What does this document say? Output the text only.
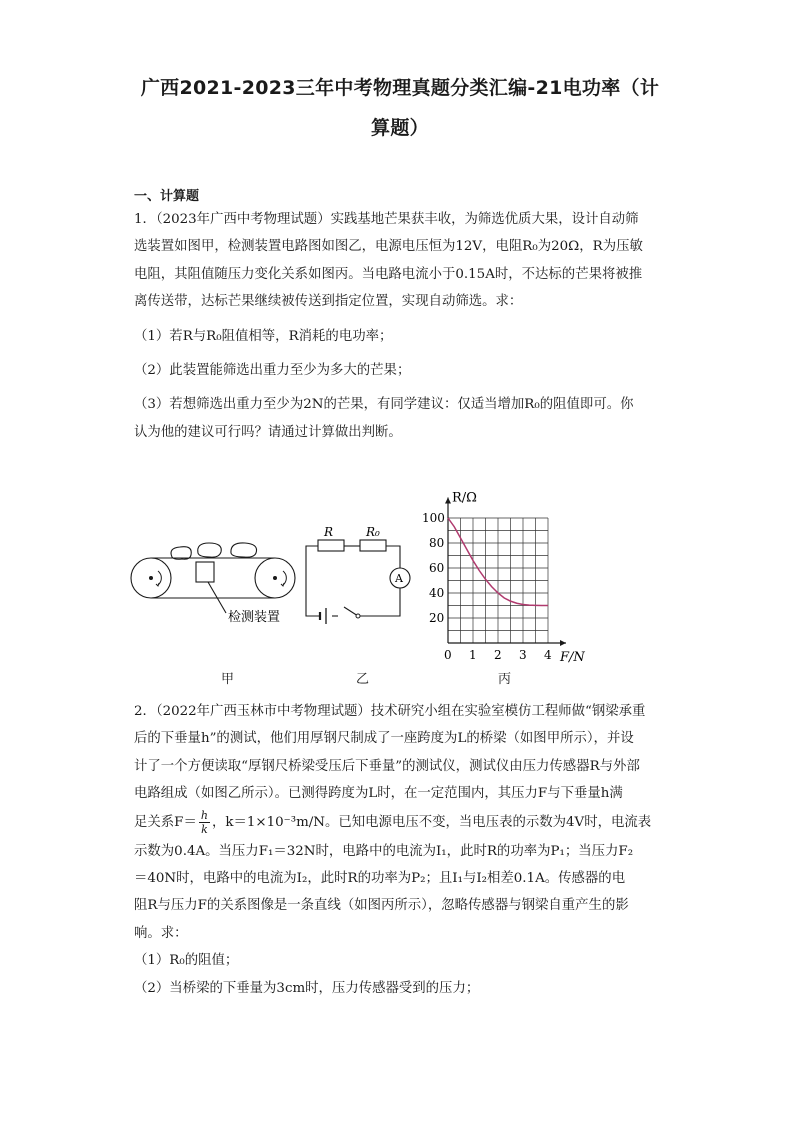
广西2021-2023三年中考物理真题分类汇编-21电功率（计
算题）
一、计算题
1．（2023年广西中考物理试题）实践基地芒果获丰收，为筛选优质大果，设计自动筛
选装置如图甲，检测装置电路图如图乙，电源电压恒为12V，电阻R₀为20Ω，R为压敏
电阻，其阻值随压力变化关系如图丙。当电路电流小于0.15A时，不达标的芒果将被推
离传送带，达标芒果继续被传送到指定位置，实现自动筛选。求：
（1）若R与R₀阻值相等，R消耗的电功率；
（2）此装置能筛选出重力至少为多大的芒果；
（3）若想筛选出重力至少为2N的芒果，有同学建议：仅适当增加R₀的阻值即可。你
认为他的建议可行吗？请通过计算做出判断。
检测装置
R	R₀
A
0 1 2 3 4
20
40
60
80
100
R/Ω
F/N
甲	乙	丙
2．（2022年广西玉林市中考物理试题）技术研究小组在实验室模仿工程师做“钢梁承重
后的下垂量h”的测试，他们用厚钢尺制成了一座跨度为L的桥梁（如图甲所示），并设
计了一个方便读取“厚钢尺桥梁受压后下垂量”的测试仪，测试仪由压力传感器R与外部
电路组成（如图乙所示）。已测得跨度为L时，在一定范围内，其压力F与下垂量h满
足关系$F= \frac{h}{k}$ ，k＝1×10⁻³m/N。已知电源电压不变，当电压表的示数为4V时，电流表
示数为0.4A。当压力F₁＝32N时，电路中的电流为I₁，此时R的功率为P₁；当压力F₂
＝40N时，电路中的电流为I₂，此时R的功率为P₂；且I₁与I₂相差0.1A。传感器的电
阻R与压力F的关系图像是一条直线（如图丙所示），忽略传感器与钢梁自重产生的影
响。求：
（1）R₀的阻值；
（2）当桥梁的下垂量为3cm时，压力传感器受到的压力；
